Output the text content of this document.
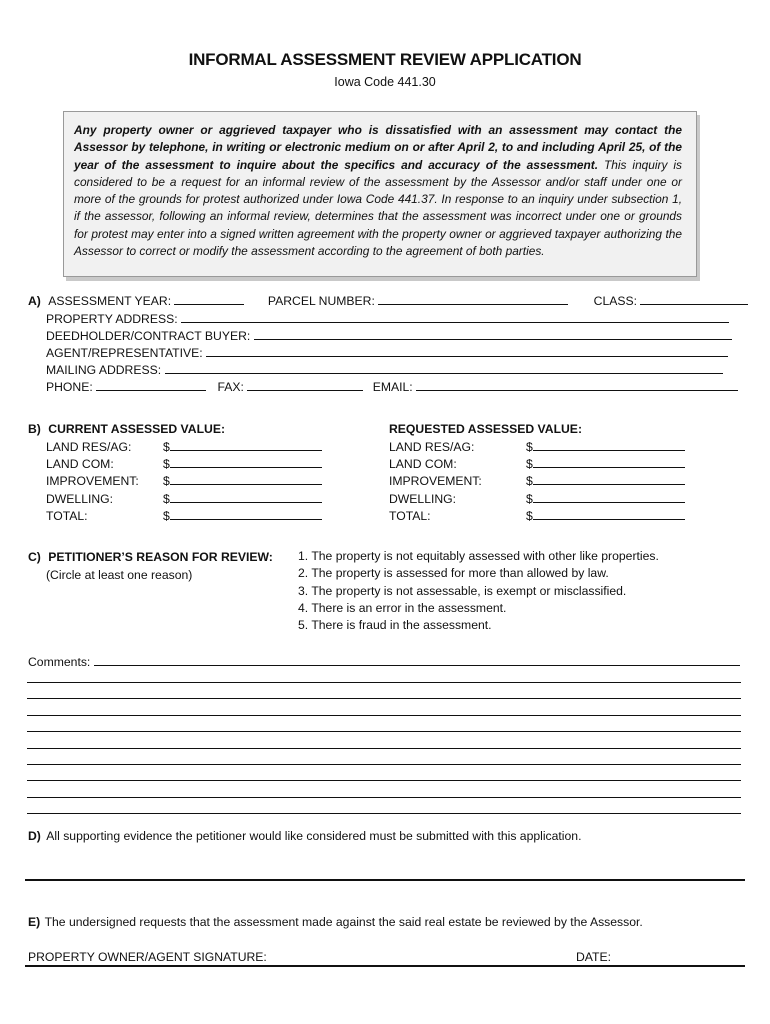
INFORMAL ASSESSMENT REVIEW APPLICATION
Iowa Code 441.30
Any property owner or aggrieved taxpayer who is dissatisfied with an assessment may contact the Assessor by telephone, in writing or electronic medium on or after April 2, to and including April 25, of the year of the assessment to inquire about the specifics and accuracy of the assessment. This inquiry is considered to be a request for an informal review of the assessment by the Assessor and/or staff under one or more of the grounds for protest authorized under Iowa Code 441.37. In response to an inquiry under subsection 1, if the assessor, following an informal review, determines that the assessment was incorrect under one or grounds for protest may enter into a signed written agreement with the property owner or aggrieved taxpayer authorizing the Assessor to correct or modify the assessment according to the agreement of both parties.
A) ASSESSMENT YEAR:	PARCEL NUMBER:	CLASS:
PROPERTY ADDRESS:
DEEDHOLDER/CONTRACT BUYER:
AGENT/REPRESENTATIVE:
MAILING ADDRESS:
PHONE:	FAX:	EMAIL:
B) CURRENT ASSESSED VALUE:	REQUESTED ASSESSED VALUE:
LAND RES/AG:	$
LAND COM:	$
IMPROVEMENT: $
DWELLING:	$
TOTAL:	$
LAND RES/AG:	$
LAND COM:	$
IMPROVEMENT:	$
DWELLING:	$
TOTAL:	$
C) PETITIONER’S REASON FOR REVIEW:
(Circle at least one reason)
1. The property is not equitably assessed with other like properties.
2. The property is assessed for more than allowed by law.
3. The property is not assessable, is exempt or misclassified.
4. There is an error in the assessment.
5. There is fraud in the assessment.
Comments:
D) All supporting evidence the petitioner would like considered must be submitted with this application.
E) The undersigned requests that the assessment made against the said real estate be reviewed by the Assessor.
PROPERTY OWNER/AGENT SIGNATURE:	DATE:
